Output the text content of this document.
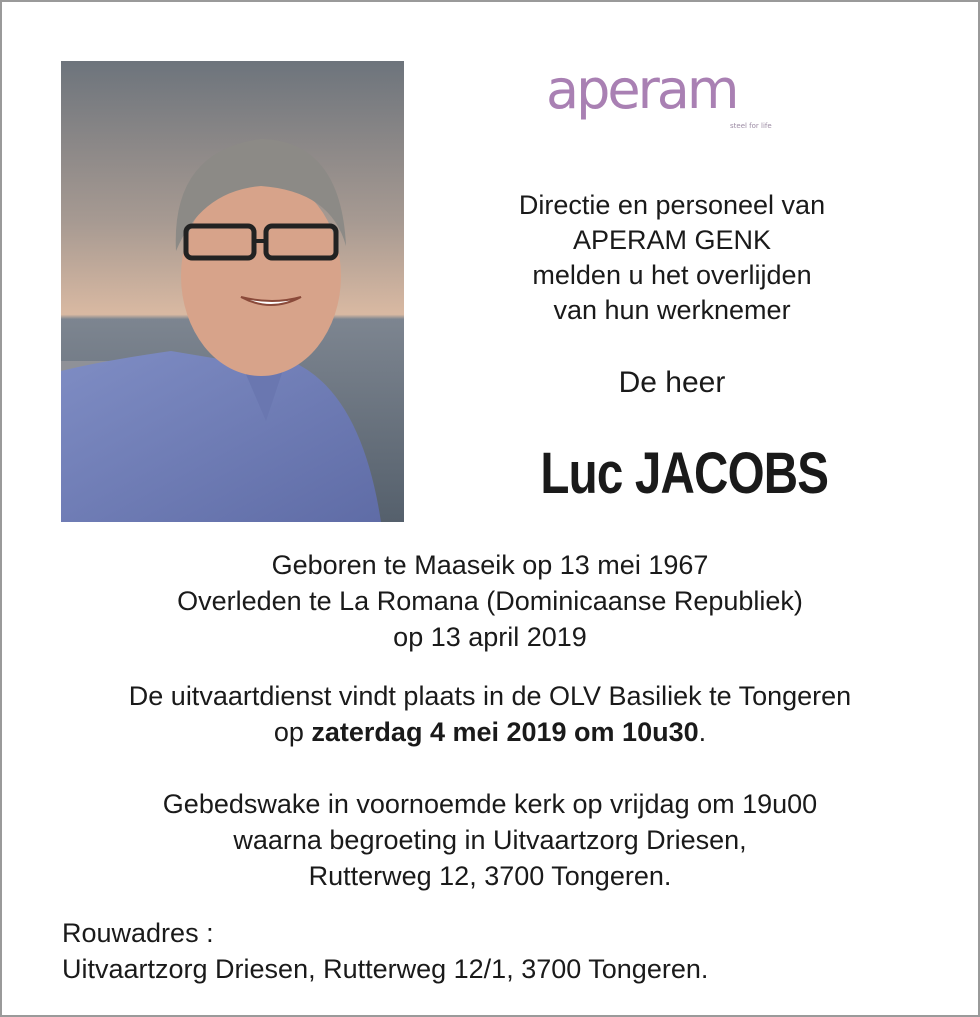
aperam
steel for life
Directie en personeel van
APERAM GENK
melden u het overlijden
van hun werknemer
De heer
Luc JACOBS
Geboren te Maaseik op 13 mei 1967
Overleden te La Romana (Dominicaanse Republiek)
op 13 april 2019
De uitvaartdienst vindt plaats in de OLV Basiliek te Tongeren
op zaterdag 4 mei 2019 om 10u30.
Gebedswake in voornoemde kerk op vrijdag om 19u00
waarna begroeting in Uitvaartzorg Driesen,
Rutterweg 12, 3700 Tongeren.
Rouwadres :
Uitvaartzorg Driesen, Rutterweg 12/1, 3700 Tongeren.
